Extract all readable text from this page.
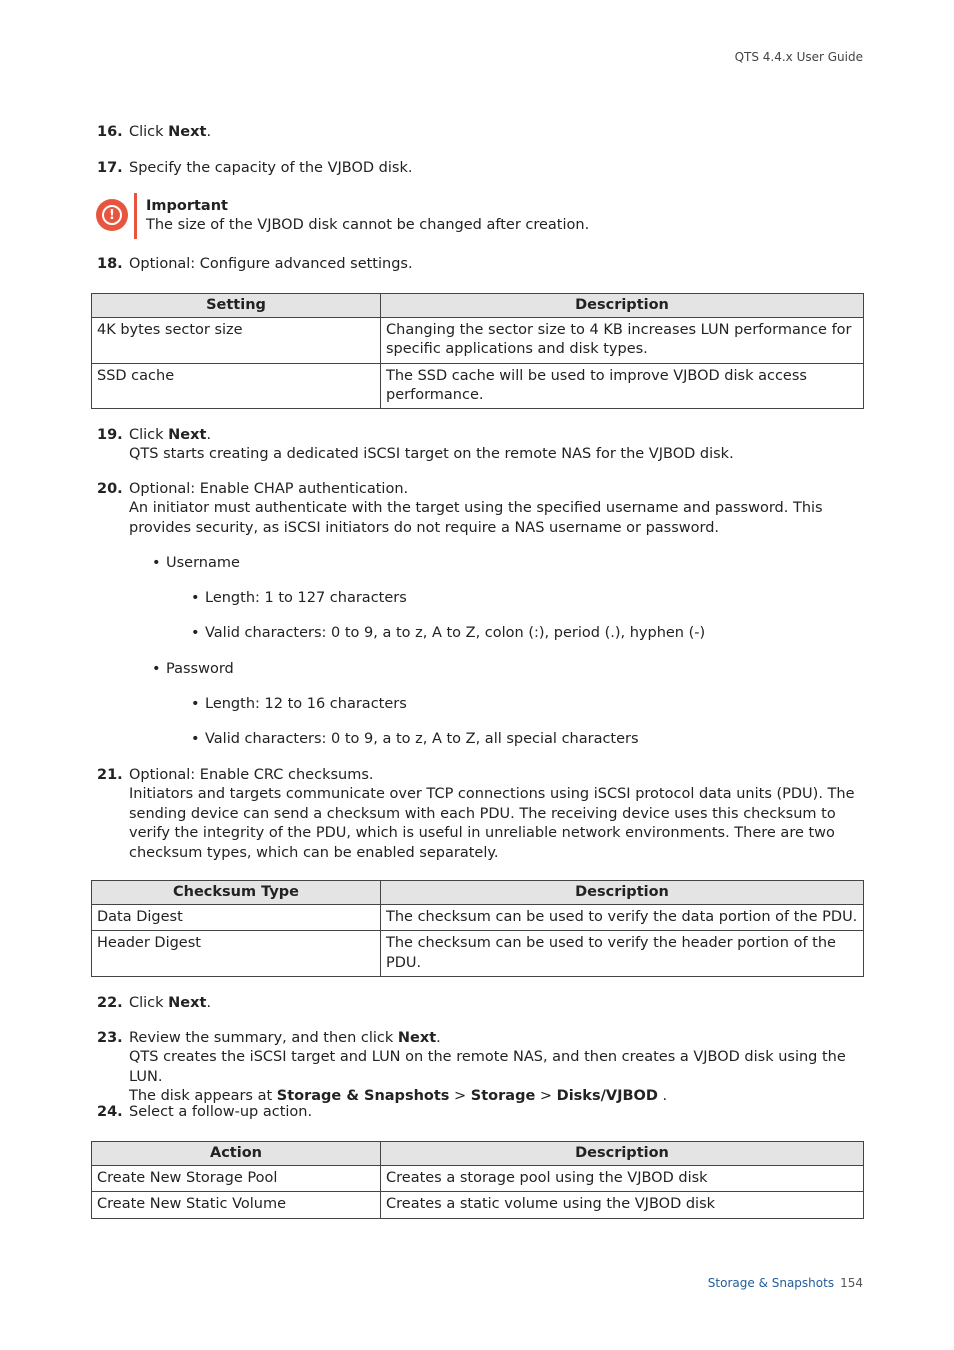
QTS 4.4.x User Guide
16. Click Next.
17. Specify the capacity of the VJBOD disk.
!
Important
The size of the VJBOD disk cannot be changed after creation.
18. Optional: Configure advanced settings.
Setting	Description
4K bytes sector size	Changing the sector size to 4 KB increases LUN performance for specific applications and disk types.
SSD cache	The SSD cache will be used to improve VJBOD disk access performance.
19. Click Next.
QTS starts creating a dedicated iSCSI target on the remote NAS for the VJBOD disk.
20. Optional: Enable CHAP authentication.
An initiator must authenticate with the target using the specified username and password. This provides security, as iSCSI initiators do not require a NAS username or password.
• Username
• Length: 1 to 127 characters
• Valid characters: 0 to 9, a to z, A to Z, colon (:), period (.), hyphen (-)
• Password
• Length: 12 to 16 characters
• Valid characters: 0 to 9, a to z, A to Z, all special characters
21. Optional: Enable CRC checksums.
Initiators and targets communicate over TCP connections using iSCSI protocol data units (PDU). The sending device can send a checksum with each PDU. The receiving device uses this checksum to verify the integrity of the PDU, which is useful in unreliable network environments. There are two checksum types, which can be enabled separately.
Checksum Type	Description
Data Digest	The checksum can be used to verify the data portion of the PDU.
Header Digest	The checksum can be used to verify the header portion of the PDU.
22. Click Next.
23. Review the summary, and then click Next.
QTS creates the iSCSI target and LUN on the remote NAS, and then creates a VJBOD disk using the LUN.
The disk appears at Storage & Snapshots > Storage > Disks/VJBOD .
24. Select a follow-up action.
Action	Description
Create New Storage Pool	Creates a storage pool using the VJBOD disk
Create New Static Volume	Creates a static volume using the VJBOD disk
Storage & Snapshots 154
